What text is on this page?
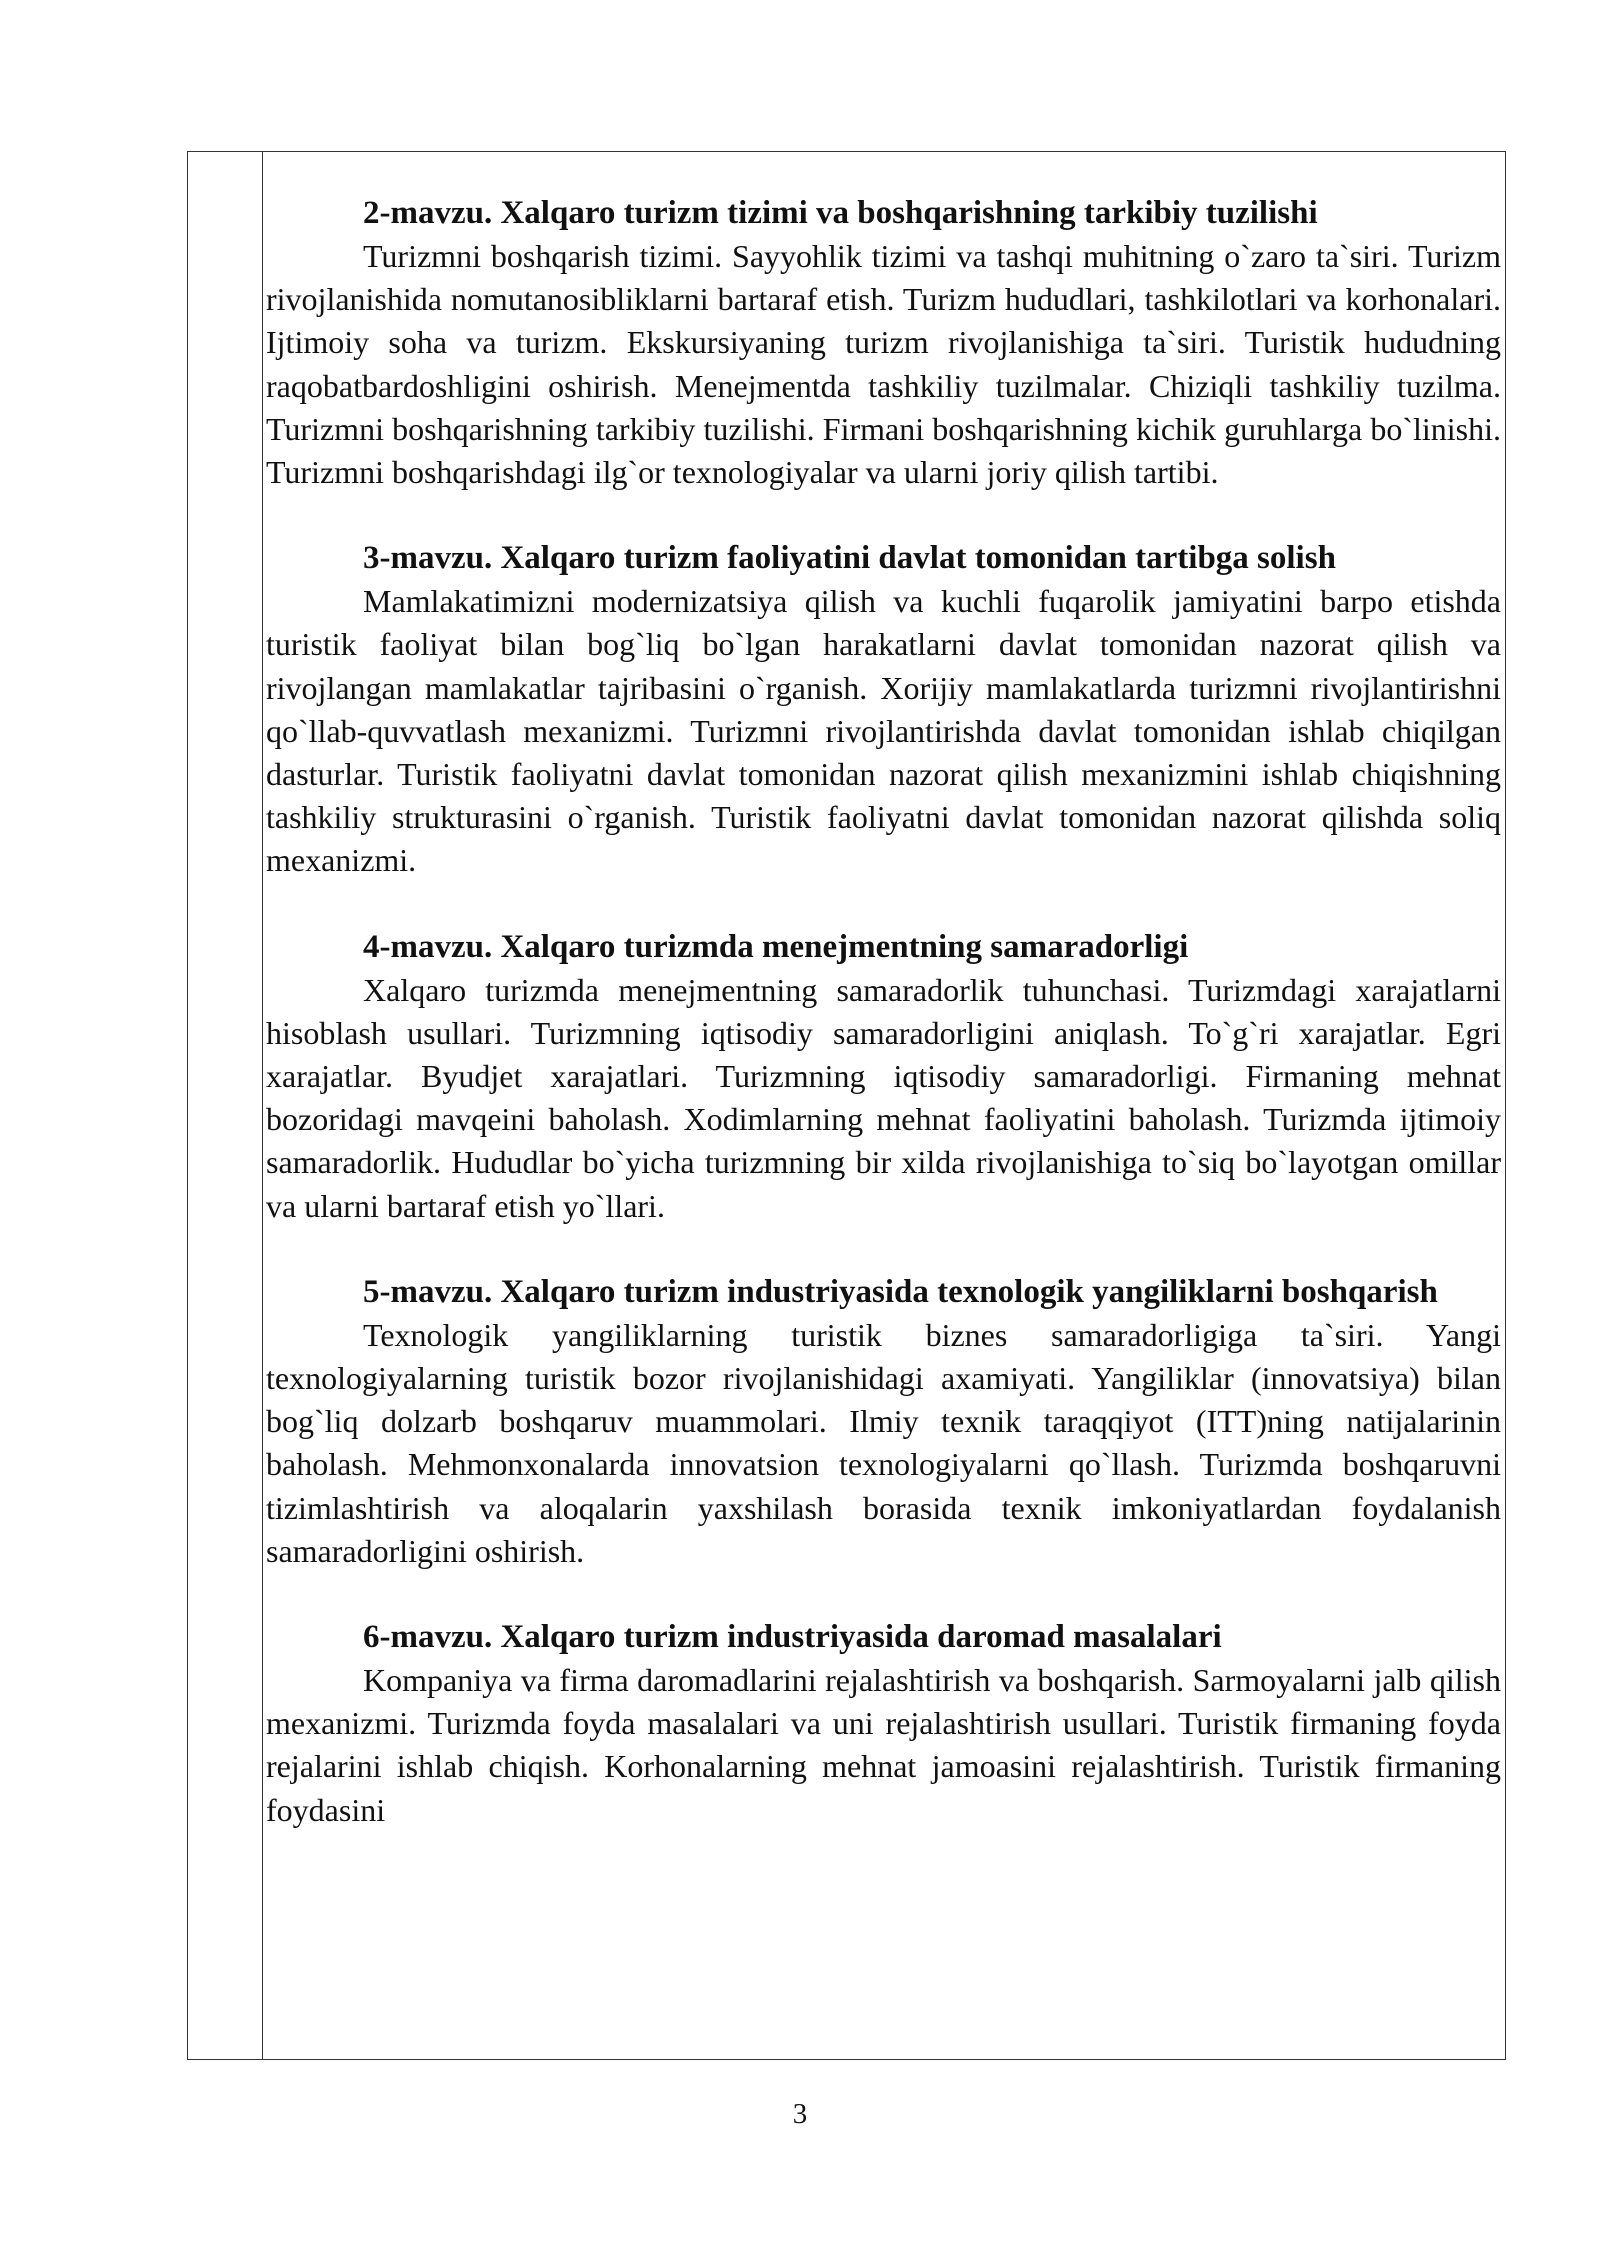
2-mavzu. Xalqaro turizm tizimi va boshqarishning tarkibiy tuzilishi

Turizmni boshqarish tizimi. Sayyohlik tizimi va tashqi muhitning o`zaro ta`siri. Turizm rivojlanishida nomutanosibliklarni bartaraf etish. Turizm hududlari, tashkilotlari va korhonalari. Ijtimoiy soha va turizm. Ekskursiyaning turizm rivojlanishiga ta`siri. Turistik hududning raqobatbardoshligini oshirish. Menejmentda tashkiliy tuzilmalar. Chiziqli tashkiliy tuzilma. Turizmni boshqarishning tarkibiy tuzilishi. Firmani boshqarishning kichik guruhlarga bo`linishi. Turizmni boshqarishdagi ilg`or texnologiyalar va ularni joriy qilish tartibi.

3-mavzu. Xalqaro turizm faoliyatini davlat tomonidan tartibga solish

Mamlakatimizni modernizatsiya qilish va kuchli fuqarolik jamiyatini barpo etishda turistik faoliyat bilan bog`liq bo`lgan harakatlarni davlat tomonidan nazorat qilish va rivojlangan mamlakatlar tajribasini o`rganish. Xorijiy mamlakatlarda turizmni rivojlantirishni qo`llab-quvvatlash mexanizmi. Turizmni rivojlantirishda davlat tomonidan ishlab chiqilgan dasturlar. Turistik faoliyatni davlat tomonidan nazorat qilish mexanizmini ishlab chiqishning tashkiliy strukturasini o`rganish. Turistik faoliyatni davlat tomonidan nazorat qilishda soliq mexanizmi.

4-mavzu. Xalqaro turizmda menejmentning samaradorligi

Xalqaro turizmda menejmentning samaradorlik tuhunchasi. Turizmdagi xarajatlarni hisoblash usullari. Turizmning iqtisodiy samaradorligini aniqlash. To`g`ri xarajatlar. Egri xarajatlar. Byudjet xarajatlari. Turizmning iqtisodiy samaradorligi. Firmaning mehnat bozoridagi mavqeini baholash. Xodimlarning mehnat faoliyatini baholash. Turizmda ijtimoiy samaradorlik. Hududlar bo`yicha turizmning bir xilda rivojlanishiga to`siq bo`layotgan omillar va ularni bartaraf etish yo`llari.

5-mavzu. Xalqaro turizm industriyasida texnologik yangiliklarni boshqarish

Texnologik yangiliklarning turistik biznes samaradorligiga ta`siri. Yangi texnologiyalarning turistik bozor rivojlanishidagi axamiyati. Yangiliklar (innovatsiya) bilan bog`liq dolzarb boshqaruv muammolari. Ilmiy texnik taraqqiyot (ITT)ning natijalarinin baholash. Mehmonxonalarda innovatsion texnologiyalarni qo`llash. Turizmda boshqaruvni tizimlashtirish va aloqalarin yaxshilash borasida texnik imkoniyatlardan foydalanish samaradorligini oshirish.

6-mavzu. Xalqaro turizm industriyasida daromad masalalari

Kompaniya va firma daromadlarini rejalashtirish va boshqarish. Sarmoyalarni jalb qilish mexanizmi. Turizmda foyda masalalari va uni rejalashtirish usullari. Turistik firmaning foyda rejalarini ishlab chiqish. Korhonalarning mehnat jamoasini rejalashtirish. Turistik firmaning foydasini

3
